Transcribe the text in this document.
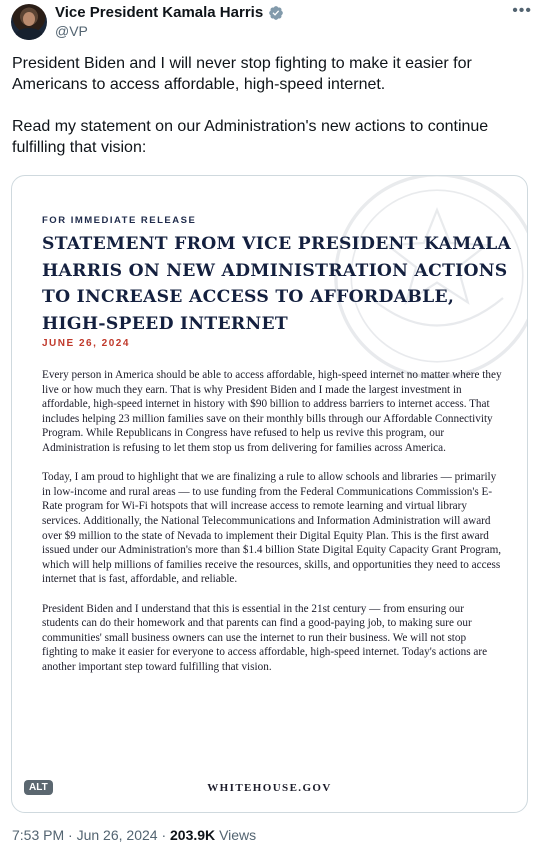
Vice President Kamala Harris
@VP
•••

President Biden and I will never stop fighting to make it easier for Americans to access affordable, high-speed internet.

Read my statement on our Administration's new actions to continue fulfilling that vision:

FOR IMMEDIATE RELEASE
STATEMENT FROM VICE PRESIDENT KAMALA HARRIS ON NEW ADMINISTRATION ACTIONS TO INCREASE ACCESS TO AFFORDABLE, HIGH-SPEED INTERNET
JUNE 26, 2024

Every person in America should be able to access affordable, high-speed internet no matter where they live or how much they earn. That is why President Biden and I made the largest investment in affordable, high-speed internet in history with $90 billion to address barriers to internet access. That includes helping 23 million families save on their monthly bills through our Affordable Connectivity Program. While Republicans in Congress have refused to help us revive this program, our Administration is refusing to let them stop us from delivering for families across America.

Today, I am proud to highlight that we are finalizing a rule to allow schools and libraries — primarily in low-income and rural areas — to use funding from the Federal Communications Commission's E-Rate program for Wi-Fi hotspots that will increase access to remote learning and virtual library services. Additionally, the National Telecommunications and Information Administration will award over $9 million to the state of Nevada to implement their Digital Equity Plan. This is the first award issued under our Administration's more than $1.4 billion State Digital Equity Capacity Grant Program, which will help millions of families receive the resources, skills, and opportunities they need to access internet that is fast, affordable, and reliable.

President Biden and I understand that this is essential in the 21st century — from ensuring our students can do their homework and that parents can find a good-paying job, to making sure our communities' small business owners can use the internet to run their business. We will not stop fighting to make it easier for everyone to access affordable, high-speed internet. Today's actions are another important step toward fulfilling that vision.

WHITEHOUSE.GOV
ALT
7:53 PM · Jun 26, 2024 · 203.9K Views
